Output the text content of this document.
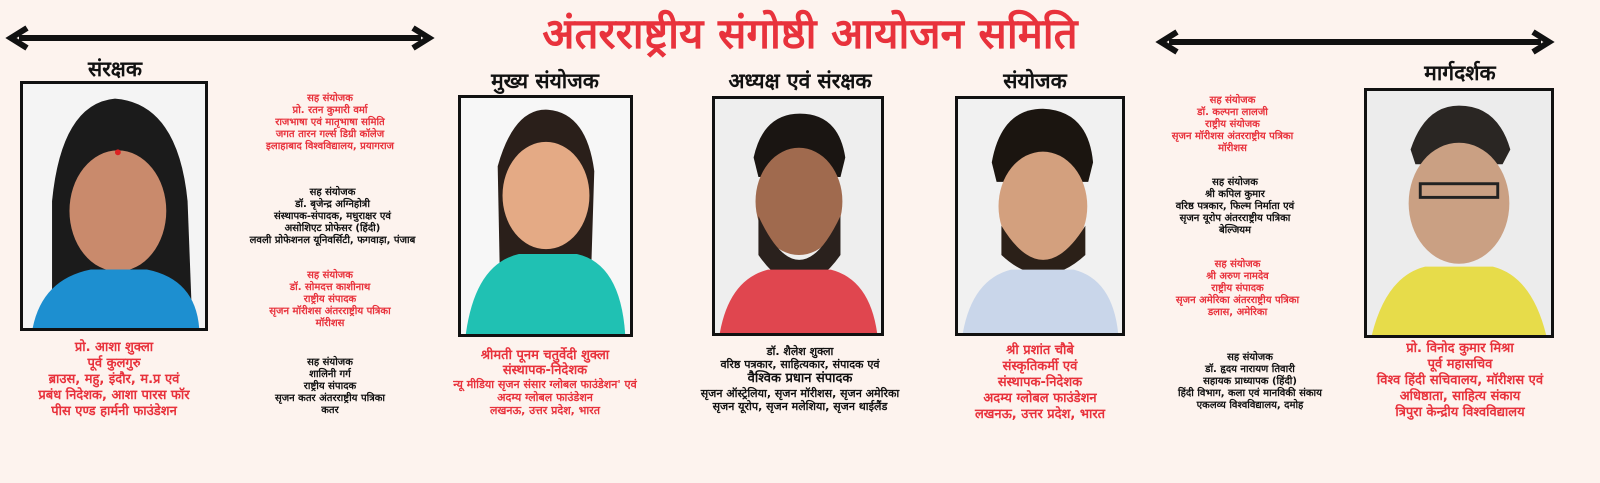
अंतरराष्ट्रीय संगोष्ठी आयोजन समिति
संरक्षक	मुख्य संयोजक	अध्यक्ष एवं संरक्षक	संयोजक	मार्गदर्शक
प्रो. आशा शुक्ला
पूर्व कुलगुरु
ब्राउस, महु, इंदौर, म.प्र एवं
प्रबंध निदेशक, आशा पारस फॉर
पीस एण्ड हार्मनी फाउंडेशन
श्रीमती पूनम चतुर्वेदी शुक्ला
संस्थापक-निदेशक
न्यू मीडिया सृजन संसार ग्लोबल फाउंडेशन' एवं
अदम्य ग्लोबल फाउंडेशन
लखनऊ, उत्तर प्रदेश, भारत
डॉ. शैलेश शुक्ला
वरिष्ठ पत्रकार, साहित्यकार, संपादक एवं
वैश्विक प्रधान संपादक
सृजन ऑस्ट्रेलिया, सृजन मॉरीशस, सृजन अमेरिका
सृजन यूरोप, सृजन मलेशिया, सृजन थाईलैंड
श्री प्रशांत चौबे
संस्कृतिकर्मी एवं
संस्थापक-निदेशक
अदम्य ग्लोबल फाउंडेशन
लखनऊ, उत्तर प्रदेश, भारत
प्रो. विनोद कुमार मिश्रा
पूर्व महासचिव
विश्व हिंदी सचिवालय, मॉरीशस एवं
अधिष्ठाता, साहित्य संकाय
त्रिपुरा केन्द्रीय विश्वविद्यालय
सह संयोजक
प्रो. रतन कुमारी वर्मा
राजभाषा एवं मातृभाषा समिति
जगत तारन गर्ल्स डिग्री कॉलेज
इलाहाबाद विश्वविद्यालय, प्रयागराज
सह संयोजक
डॉ. बृजेन्द्र अग्निहोत्री
संस्थापक-संपादक, मधुराक्षर एवं
असोशिएट प्रोफेसर (हिंदी)
लवली प्रोफेशनल यूनिवर्सिटी, फगवाड़ा, पंजाब
सह संयोजक
डॉ. सोमदत्त काशीनाथ
राष्ट्रीय संपादक
सृजन मॉरीशस अंतरराष्ट्रीय पत्रिका
मॉरीशस
सह संयोजक
शालिनी गर्ग
राष्ट्रीय संपादक
सृजन कतर अंतरराष्ट्रीय पत्रिका
कतर
सह संयोजक
डॉ. कल्पना लालजी
राष्ट्रीय संयोजक
सृजन मॉरीशस अंतरराष्ट्रीय पत्रिका
मॉरीशस
सह संयोजक
श्री कपिल कुमार
वरिष्ठ पत्रकार, फिल्म निर्माता एवं
सृजन यूरोप अंतरराष्ट्रीय पत्रिका
बेल्जियम
सह संयोजक
श्री अरुण नामदेव
राष्ट्रीय संपादक
सृजन अमेरिका अंतरराष्ट्रीय पत्रिका
डलास, अमेरिका
सह संयोजक
डॉ. हृदय नारायण तिवारी
सहायक प्राध्यापक (हिंदी)
हिंदी विभाग, कला एवं मानविकी संकाय
एकलव्य विश्वविद्यालय, दमोह
